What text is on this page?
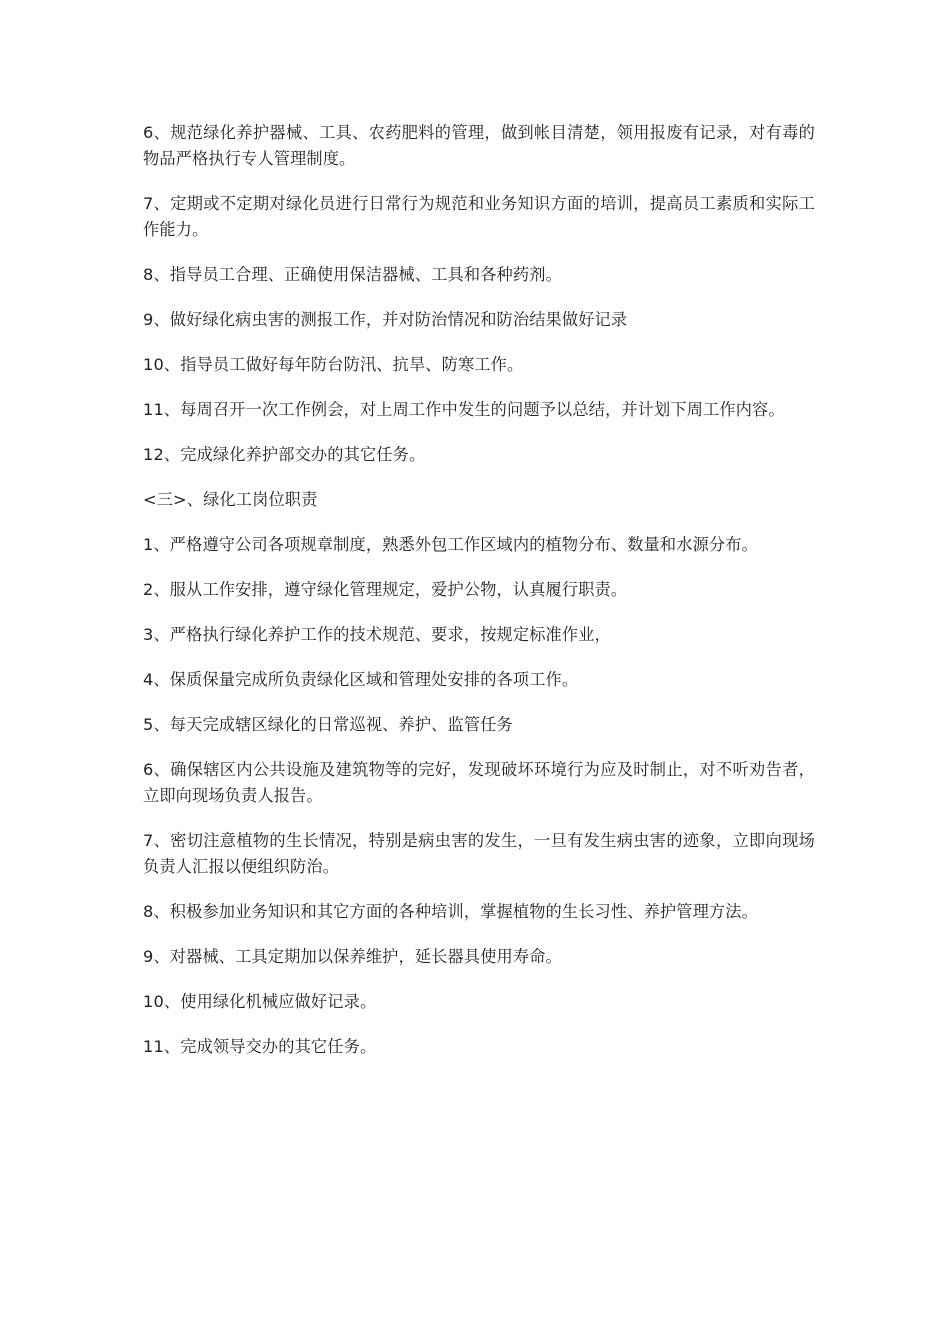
6、规范绿化养护器械、工具、农药肥料的管理，做到帐目清楚，领用报废有记录，对有毒的物品严格执行专人管理制度。

7、定期或不定期对绿化员进行日常行为规范和业务知识方面的培训，提高员工素质和实际工作能力。

8、指导员工合理、正确使用保洁器械、工具和各种药剂。

9、做好绿化病虫害的测报工作，并对防治情况和防治结果做好记录

10、指导员工做好每年防台防汛、抗旱、防寒工作。

11、每周召开一次工作例会，对上周工作中发生的问题予以总结，并计划下周工作内容。

12、完成绿化养护部交办的其它任务。

<三>、绿化工岗位职责

1、严格遵守公司各项规章制度，熟悉外包工作区域内的植物分布、数量和水源分布。

2、服从工作安排，遵守绿化管理规定，爱护公物，认真履行职责。

3、严格执行绿化养护工作的技术规范、要求，按规定标准作业，

4、保质保量完成所负责绿化区域和管理处安排的各项工作。

5、每天完成辖区绿化的日常巡视、养护、监管任务

6、确保辖区内公共设施及建筑物等的完好，发现破坏环境行为应及时制止，对不听劝告者，立即向现场负责人报告。

7、密切注意植物的生长情况，特别是病虫害的发生，一旦有发生病虫害的迹象，立即向现场负责人汇报以便组织防治。

8、积极参加业务知识和其它方面的各种培训，掌握植物的生长习性、养护管理方法。

9、对器械、工具定期加以保养维护，延长器具使用寿命。

10、使用绿化机械应做好记录。

11、完成领导交办的其它任务。
